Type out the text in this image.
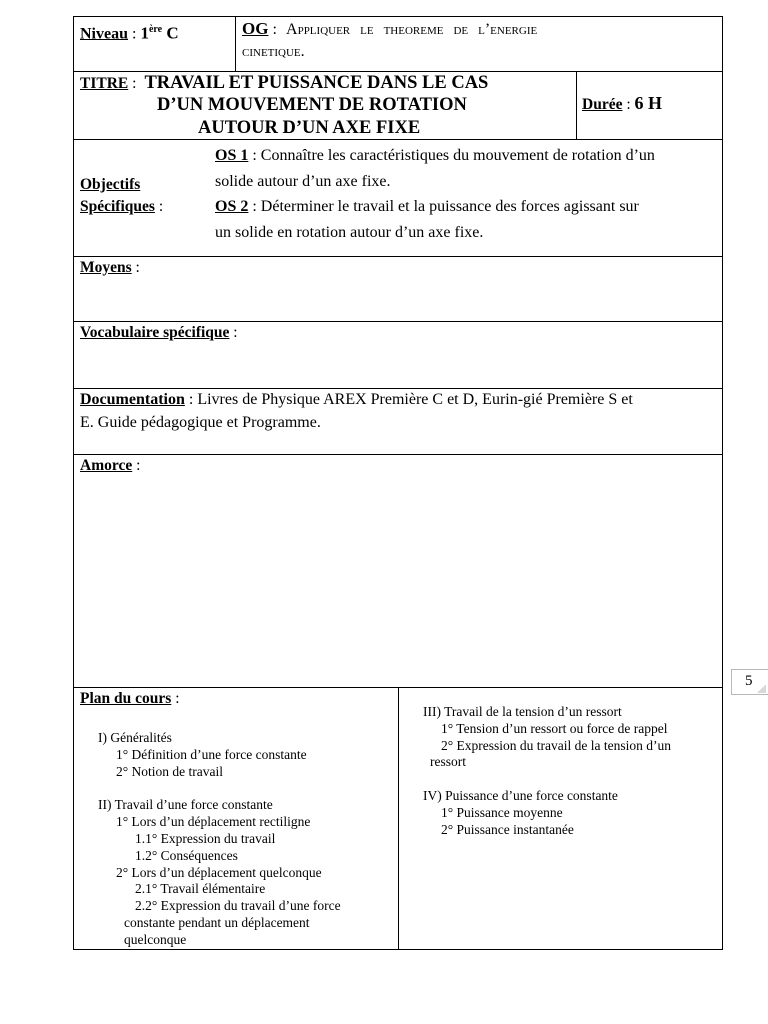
Niveau : 1ère C	OG : Appliquer le theoreme de l’energie
cinetique.
TITRE : TRAVAIL ET PUISSANCE DANS LE CAS
D’UN MOUVEMENT DE ROTATION
AUTOUR D’UN AXE FIXE
Durée : 6 H
Objectifs
Spécifiques :
OS 1 : Connaître les caractéristiques du mouvement de rotation d’un
solide autour d’un axe fixe.
OS 2 : Déterminer le travail et la puissance des forces agissant sur
un solide en rotation autour d’un axe fixe.
Moyens :
Vocabulaire spécifique :
Documentation : Livres de Physique AREX Première C et D, Eurin-gié Première S et
E. Guide pédagogique et Programme.
Amorce :
Plan du cours :
I) Généralités
1° Définition d’une force constante
2° Notion de travail
II) Travail d’une force constante
1° Lors d’un déplacement rectiligne
1.1° Expression du travail
1.2° Conséquences
2° Lors d’un déplacement quelconque
2.1° Travail élémentaire
2.2° Expression du travail d’une force
constante pendant un déplacement
quelconque
III) Travail de la tension d’un ressort
1° Tension d’un ressort ou force de rappel
2° Expression du travail de la tension d’un
ressort
IV) Puissance d’une force constante
1° Puissance moyenne
2° Puissance instantanée
5
